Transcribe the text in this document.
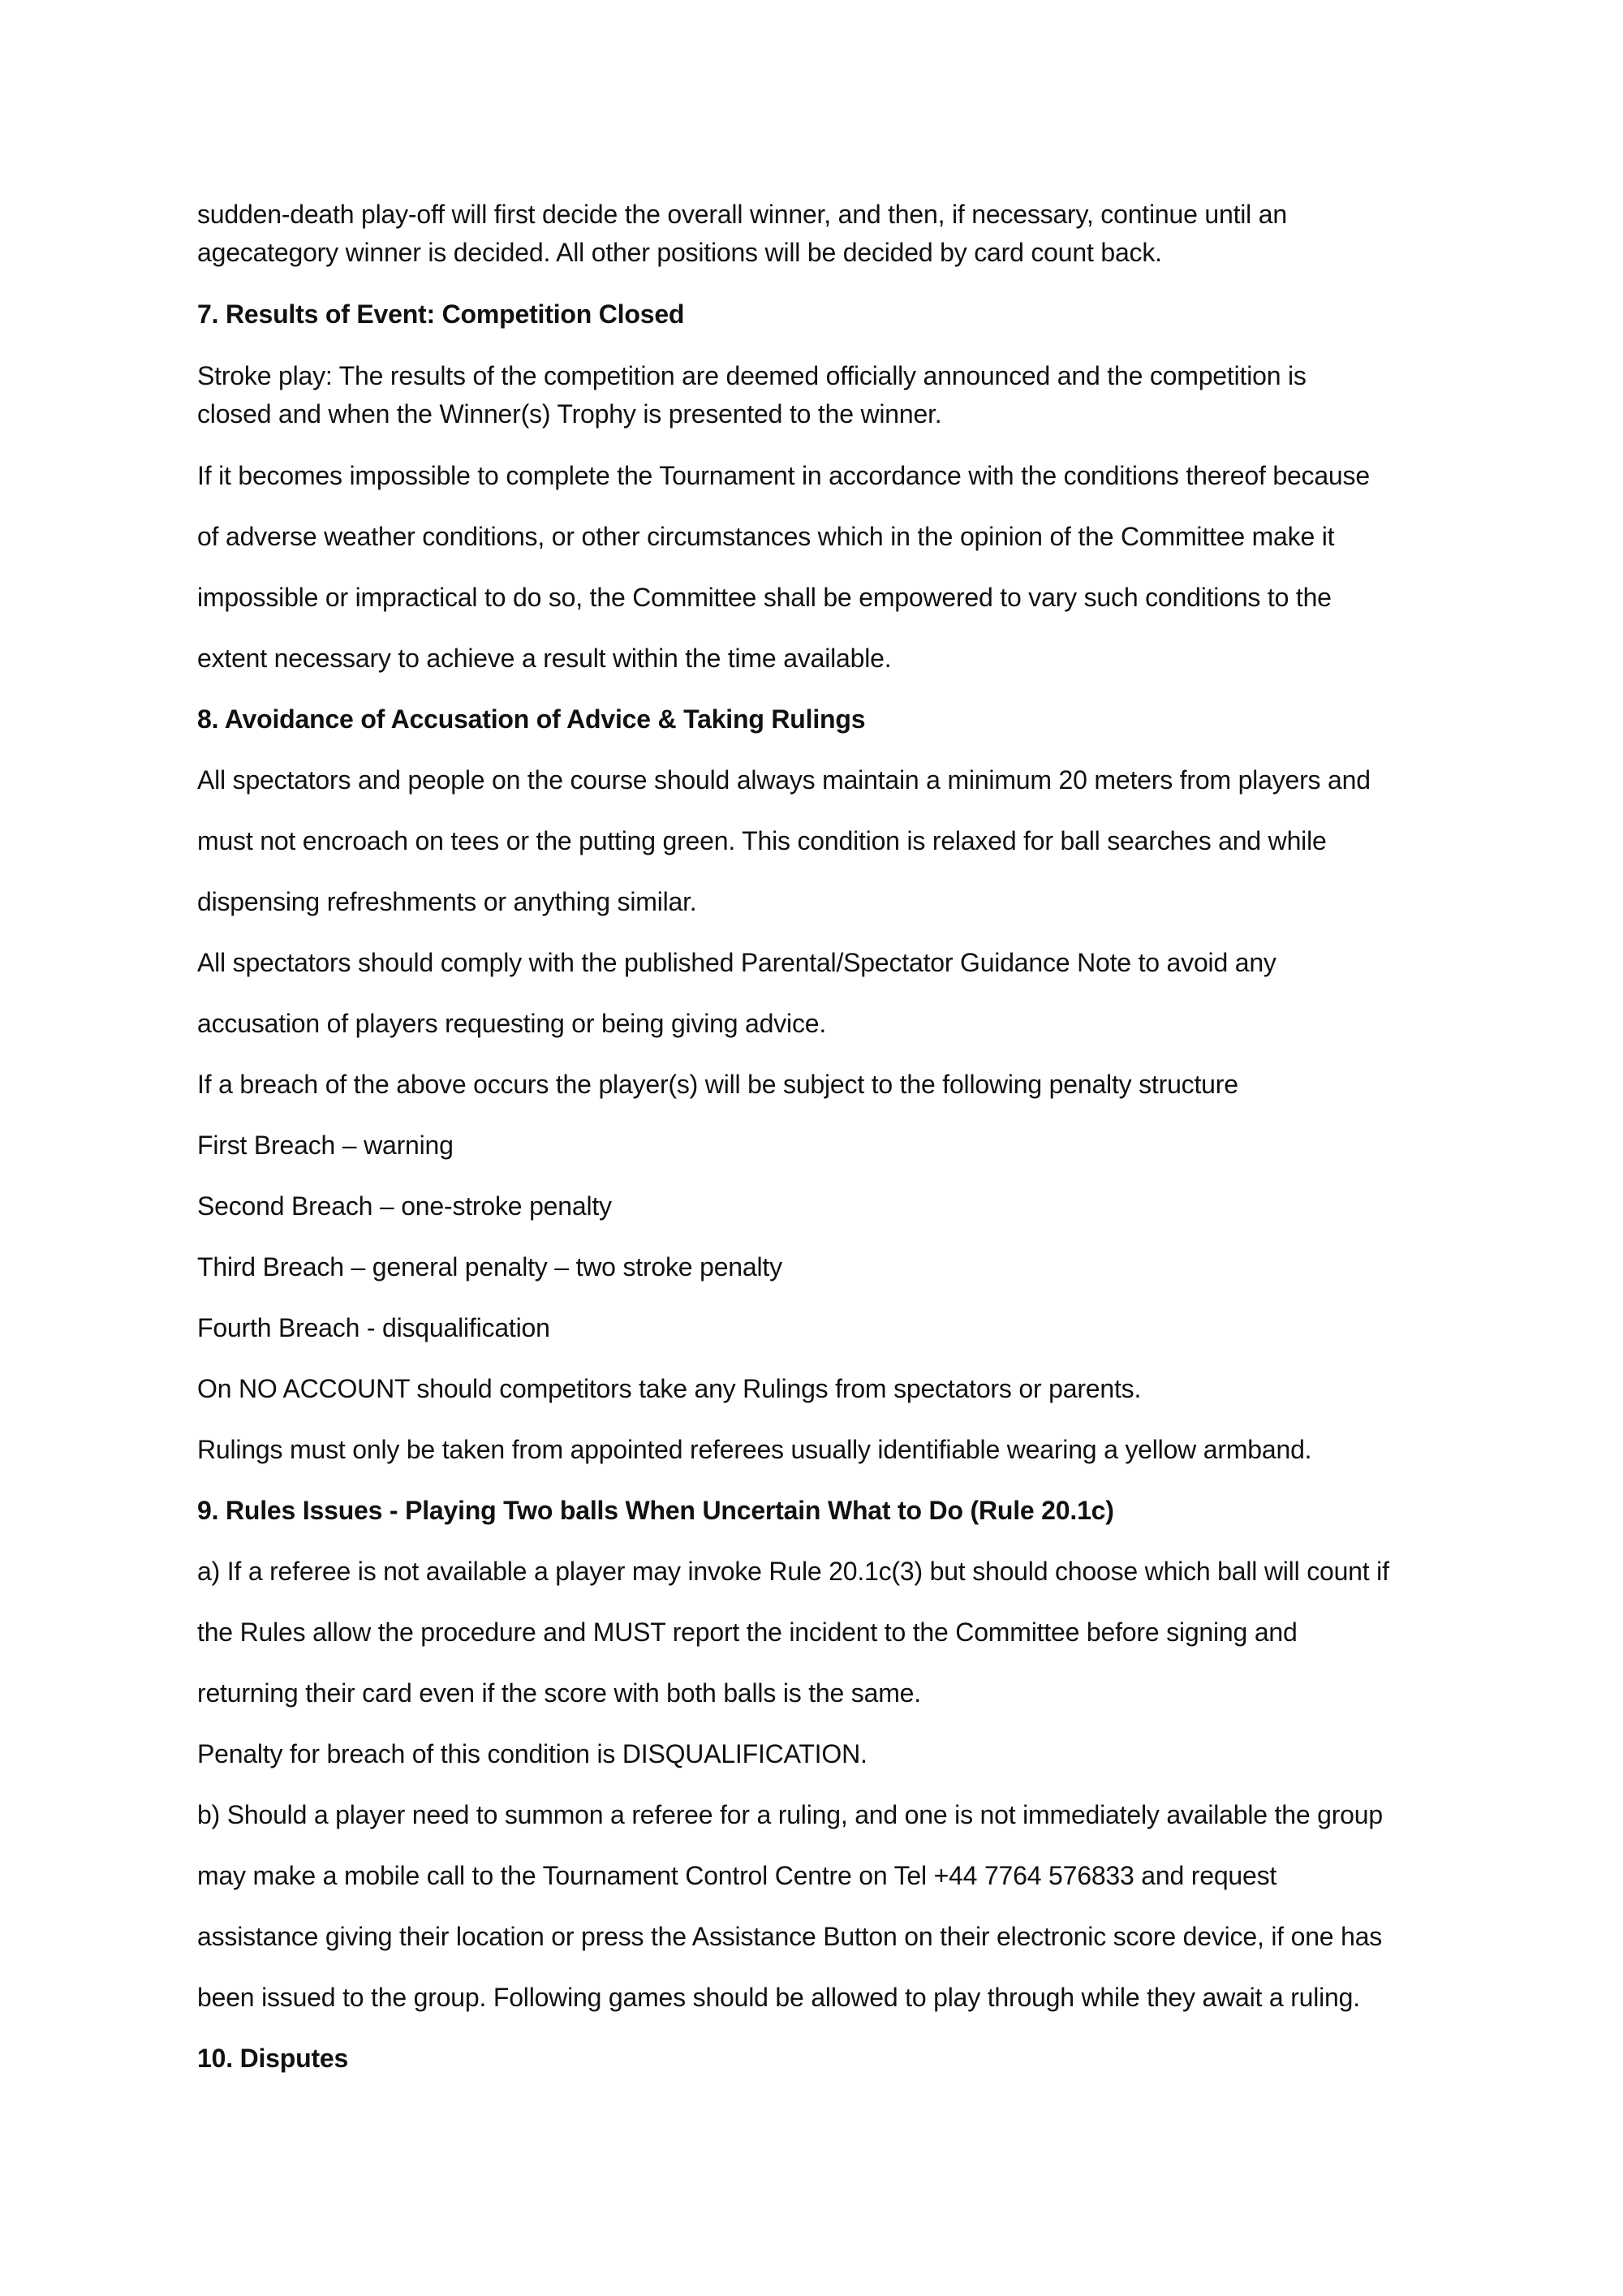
sudden-death play-off will first decide the overall winner, and then, if necessary, continue until an
agecategory winner is decided. All other positions will be decided by card count back.
7. Results of Event: Competition Closed
Stroke play: The results of the competition are deemed officially announced and the competition is
closed and when the Winner(s) Trophy is presented to the winner.
If it becomes impossible to complete the Tournament in accordance with the conditions thereof because
of adverse weather conditions, or other circumstances which in the opinion of the Committee make it
impossible or impractical to do so, the Committee shall be empowered to vary such conditions to the
extent necessary to achieve a result within the time available.
8. Avoidance of Accusation of Advice & Taking Rulings
All spectators and people on the course should always maintain a minimum 20 meters from players and
must not encroach on tees or the putting green. This condition is relaxed for ball searches and while
dispensing refreshments or anything similar.
All spectators should comply with the published Parental/Spectator Guidance Note to avoid any
accusation of players requesting or being giving advice.
If a breach of the above occurs the player(s) will be subject to the following penalty structure
First Breach – warning
Second Breach – one-stroke penalty
Third Breach – general penalty – two stroke penalty
Fourth Breach - disqualification
On NO ACCOUNT should competitors take any Rulings from spectators or parents.
Rulings must only be taken from appointed referees usually identifiable wearing a yellow armband.
9. Rules Issues - Playing Two balls When Uncertain What to Do (Rule 20.1c)
a) If a referee is not available a player may invoke Rule 20.1c(3) but should choose which ball will count if
the Rules allow the procedure and MUST report the incident to the Committee before signing and
returning their card even if the score with both balls is the same.
Penalty for breach of this condition is DISQUALIFICATION.
b) Should a player need to summon a referee for a ruling, and one is not immediately available the group
may make a mobile call to the Tournament Control Centre on Tel +44 7764 576833 and request
assistance giving their location or press the Assistance Button on their electronic score device, if one has
been issued to the group. Following games should be allowed to play through while they await a ruling.
10. Disputes
